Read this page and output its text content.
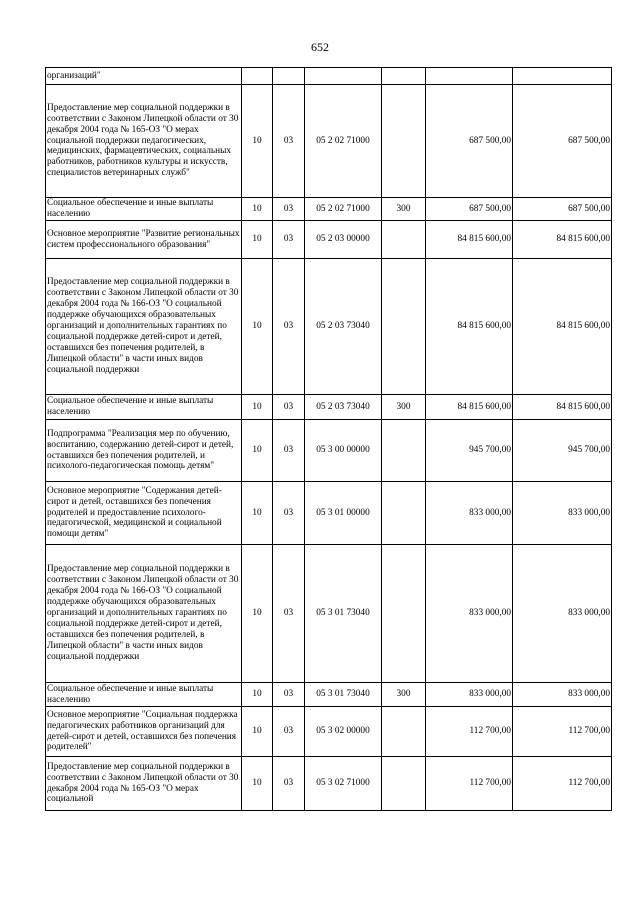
652
организаций"						
Предоставление мер социальной поддержки в соответствии с Законом Липецкой области от 30 декабря 2004 года № 165-ОЗ "О мерах социальной поддержки педагогических, медицинских, фармацевтических, социальных работников, работников культуры и искусств, специалистов ветеринарных служб"	10	03	05 2 02 71000		687 500,00	687 500,00
Социальное обеспечение и иные выплаты населению	10	03	05 2 02 71000	300	687 500,00	687 500,00
Основное мероприятие "Развитие региональных систем профессионального образования"	10	03	05 2 03 00000		84 815 600,00	84 815 600,00
Предоставление мер социальной поддержки в соответствии с Законом Липецкой области от 30 декабря 2004 года № 166-ОЗ "О социальной поддержке обучающихся образовательных организаций и дополнительных гарантиях по социальной поддержке детей-сирот и детей, оставшихся без попечения родителей, в Липецкой области" в части иных видов социальной поддержки	10	03	05 2 03 73040		84 815 600,00	84 815 600,00
Социальное обеспечение и иные выплаты населению	10	03	05 2 03 73040	300	84 815 600,00	84 815 600,00
Подпрограмма "Реализация мер по обучению, воспитанию, содержанию детей-сирот и детей, оставшихся без попечения родителей, и психолого-педагогическая помощь детям"	10	03	05 3 00 00000		945 700,00	945 700,00
Основное мероприятие "Содержания детей-сирот и детей, оставшихся без попечения родителей и предоставление психолого-педагогической, медицинской и социальной помощи детям"	10	03	05 3 01 00000		833 000,00	833 000,00
Предоставление мер социальной поддержки в соответствии с Законом Липецкой области от 30 декабря 2004 года № 166-ОЗ "О социальной поддержке обучающихся образовательных организаций и дополнительных гарантиях по социальной поддержке детей-сирот и детей, оставшихся без попечения родителей, в Липецкой области" в части иных видов социальной поддержки	10	03	05 3 01 73040		833 000,00	833 000,00
Социальное обеспечение и иные выплаты населению	10	03	05 3 01 73040	300	833 000,00	833 000,00
Основное мероприятие "Социальная поддержка педагогических работников организаций для детей-сирот и детей, оставшихся без попечения родителей"	10	03	05 3 02 00000		112 700,00	112 700,00
Предоставление мер социальной поддержки в соответствии с Законом Липецкой области от 30 декабря 2004 года № 165-ОЗ "О мерах социальной	10	03	05 3 02 71000		112 700,00	112 700,00
